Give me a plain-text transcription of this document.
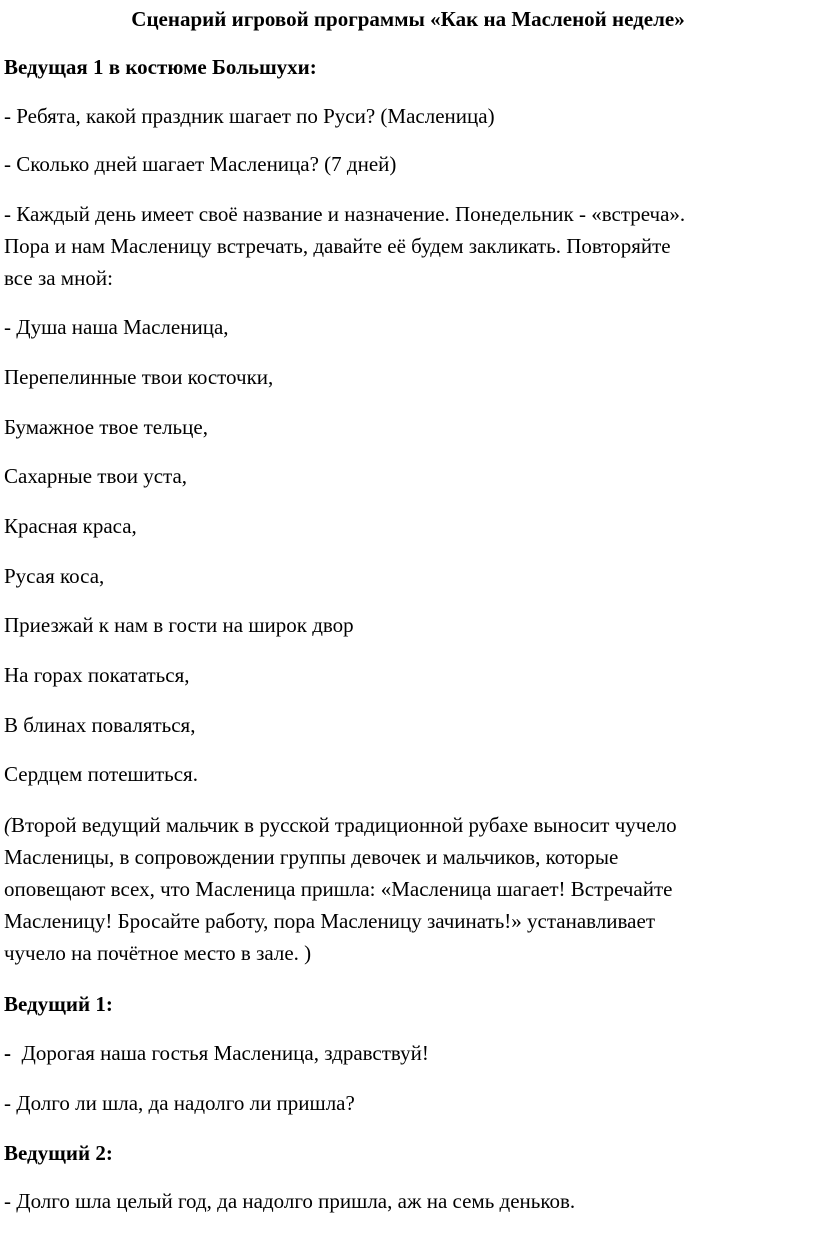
Сценарий игровой программы «Как на Масленой неделе»
Ведущая 1 в костюме Большухи:
- Ребята, какой праздник шагает по Руси? (Масленица)
- Сколько дней шагает Масленица? (7 дней)
- Каждый день имеет своё название и назначение. Понедельник - «встреча».
Пора и нам Масленицу встречать, давайте её будем закликать. Повторяйте
все за мной:
- Душа наша Масленица,
Перепелинные твои косточки,
Бумажное твое тельце,
Сахарные твои уста,
Красная краса,
Русая коса,
Приезжай к нам в гости на широк двор
На горах покататься,
В блинах поваляться,
Сердцем потешиться.
(Второй ведущий мальчик в русской традиционной рубахе выносит чучело
Масленицы, в сопровождении группы девочек и мальчиков, которые
оповещают всех, что Масленица пришла: «Масленица шагает! Встречайте
Масленицу! Бросайте работу, пора Масленицу зачинать!» устанавливает
чучело на почётное место в зале. )
Ведущий 1:
-  Дорогая наша гостья Масленица, здравствуй!
- Долго ли шла, да надолго ли пришла?
Ведущий 2:
- Долго шла целый год, да надолго пришла, аж на семь деньков.
